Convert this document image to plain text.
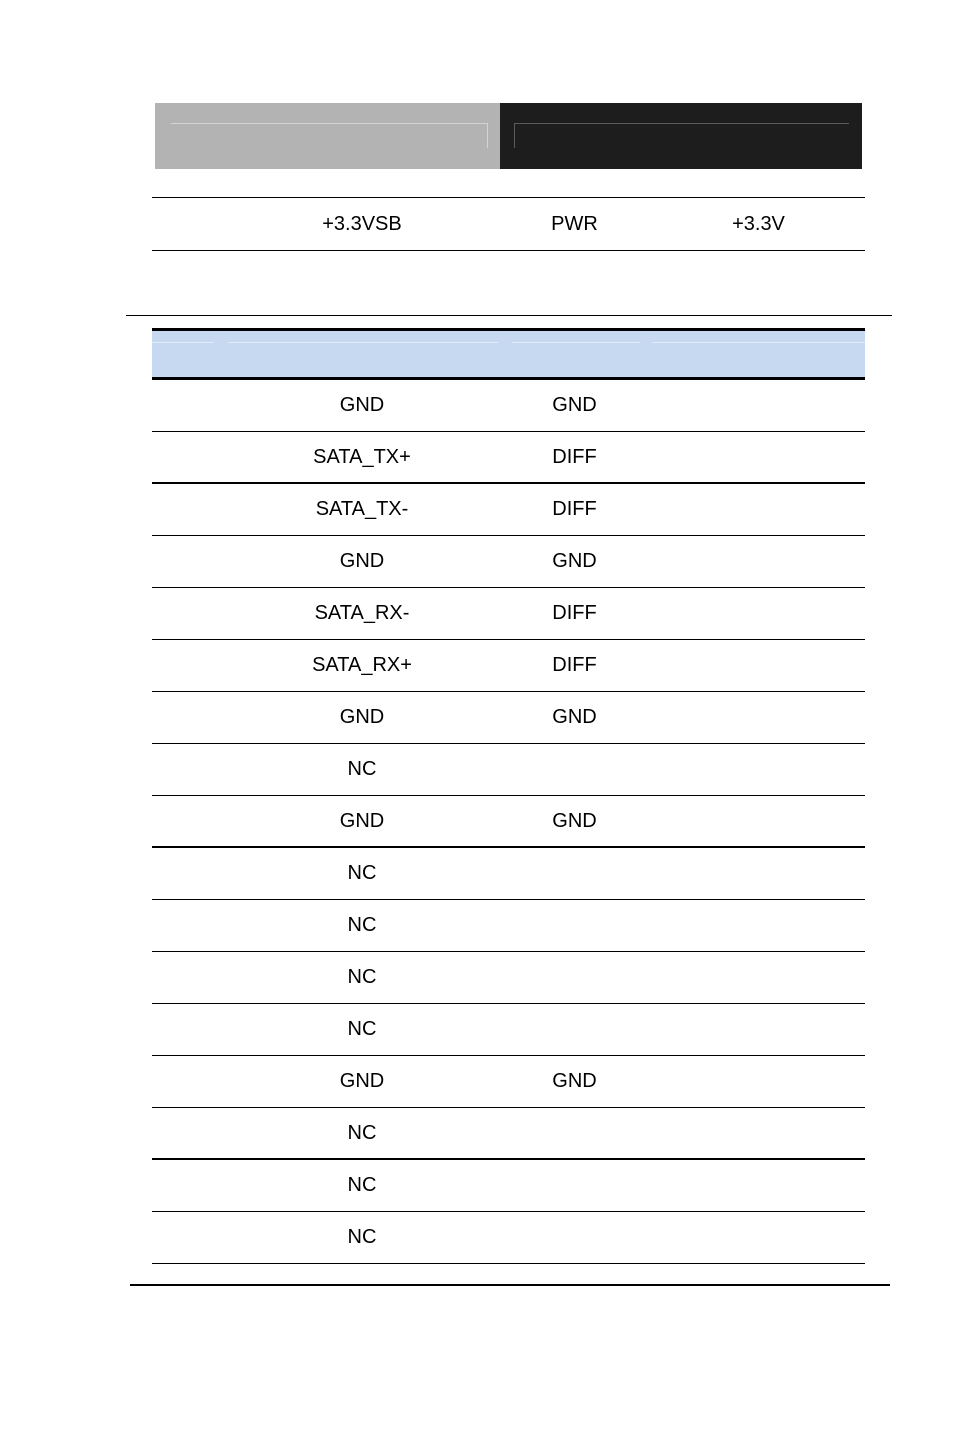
+3.3VSB	PWR	+3.3V
GND	GND
SATA_TX+	DIFF
SATA_TX-	DIFF
GND	GND
SATA_RX-	DIFF
SATA_RX+	DIFF
GND	GND
NC
GND	GND
NC
NC
NC
NC
GND	GND
NC
NC
NC
